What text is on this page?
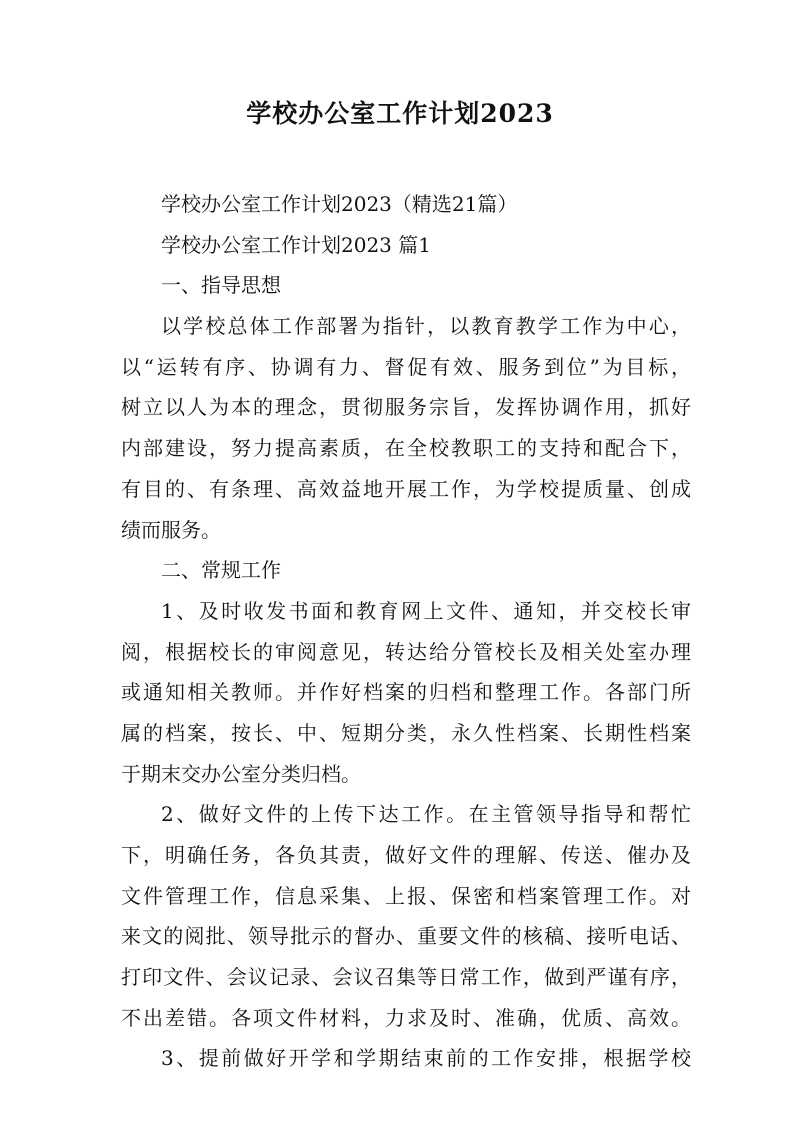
学校办公室工作计划2023
学校办公室工作计划2023（精选21篇）
学校办公室工作计划2023 篇1
一、指导思想
以学校总体工作部署为指针，以教育教学工作为中心，
以“运转有序、协调有力、督促有效、服务到位”为目标，
树立以人为本的理念，贯彻服务宗旨，发挥协调作用，抓好
内部建设，努力提高素质，在全校教职工的支持和配合下，
有目的、有条理、高效益地开展工作，为学校提质量、创成
绩而服务。
二、常规工作
1、及时收发书面和教育网上文件、通知，并交校长审
阅，根据校长的审阅意见，转达给分管校长及相关处室办理
或通知相关教师。并作好档案的归档和整理工作。各部门所
属的档案，按长、中、短期分类，永久性档案、长期性档案
于期末交办公室分类归档。
2、做好文件的上传下达工作。在主管领导指导和帮忙
下，明确任务，各负其责，做好文件的理解、传送、催办及
文件管理工作，信息采集、上报、保密和档案管理工作。对
来文的阅批、领导批示的督办、重要文件的核稿、接听电话、
打印文件、会议记录、会议召集等日常工作，做到严谨有序，
不出差错。各项文件材料，力求及时、准确，优质、高效。
3、提前做好开学和学期结束前的工作安排，根据学校
